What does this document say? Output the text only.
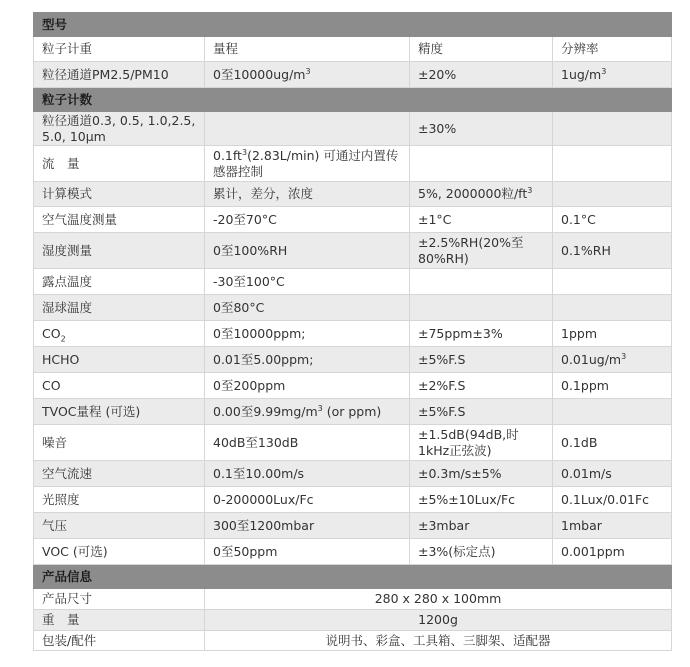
型号			
粒子计重	量程	精度	分辨率
粒径通道PM2.5/PM10	0至$10000ug/m^3$	±20%	$1ug/m^3$
粒子计数			
粒径通道0.3, 0.5, 1.0,2.5, 5.0, 10μm		±30%	
流　量	$0.1ft^3(2.83L/\min)$ 可通过内置传感器控制		
计算模式	累计，差分，浓度	5%, 2000000粒$/ft^3$	
空气温度测量	-20至70°C	±1°C	0.1°C
湿度测量	0至100%RH	±2.5%RH(20%至80%RH)	0.1%RH
露点温度	-30至100°C		
湿球温度	0至80°C		
$CO_2$	0至10000ppm;	±75ppm±3%	1ppm
HCHO	0.01至5.00ppm;	±5%F.S	$0.01ug/m^3$
CO	0至200ppm	±2%F.S	0.1ppm
TVOC量程 (可选)	0.00至$9.99mg/m^3$ (or ppm)	±5%F.S	
噪音	40dB至130dB	±1.5dB(94dB,时1kHz正弦波)	0.1dB
空气流速	0.1至10.00m/s	±0.3m/s±5%	0.01m/s
光照度	0-200000Lux/Fc	±5%±10Lux/Fc	0.1Lux/0.01Fc
气压	300至1200mbar	±3mbar	1mbar
VOC (可选)	0至50ppm	±3%(标定点)	0.001ppm
产品信息			
产品尺寸	280 x 280 x 100mm		
重　量	1200g		
包装/配件	说明书、彩盒、工具箱、三脚架、适配器		
